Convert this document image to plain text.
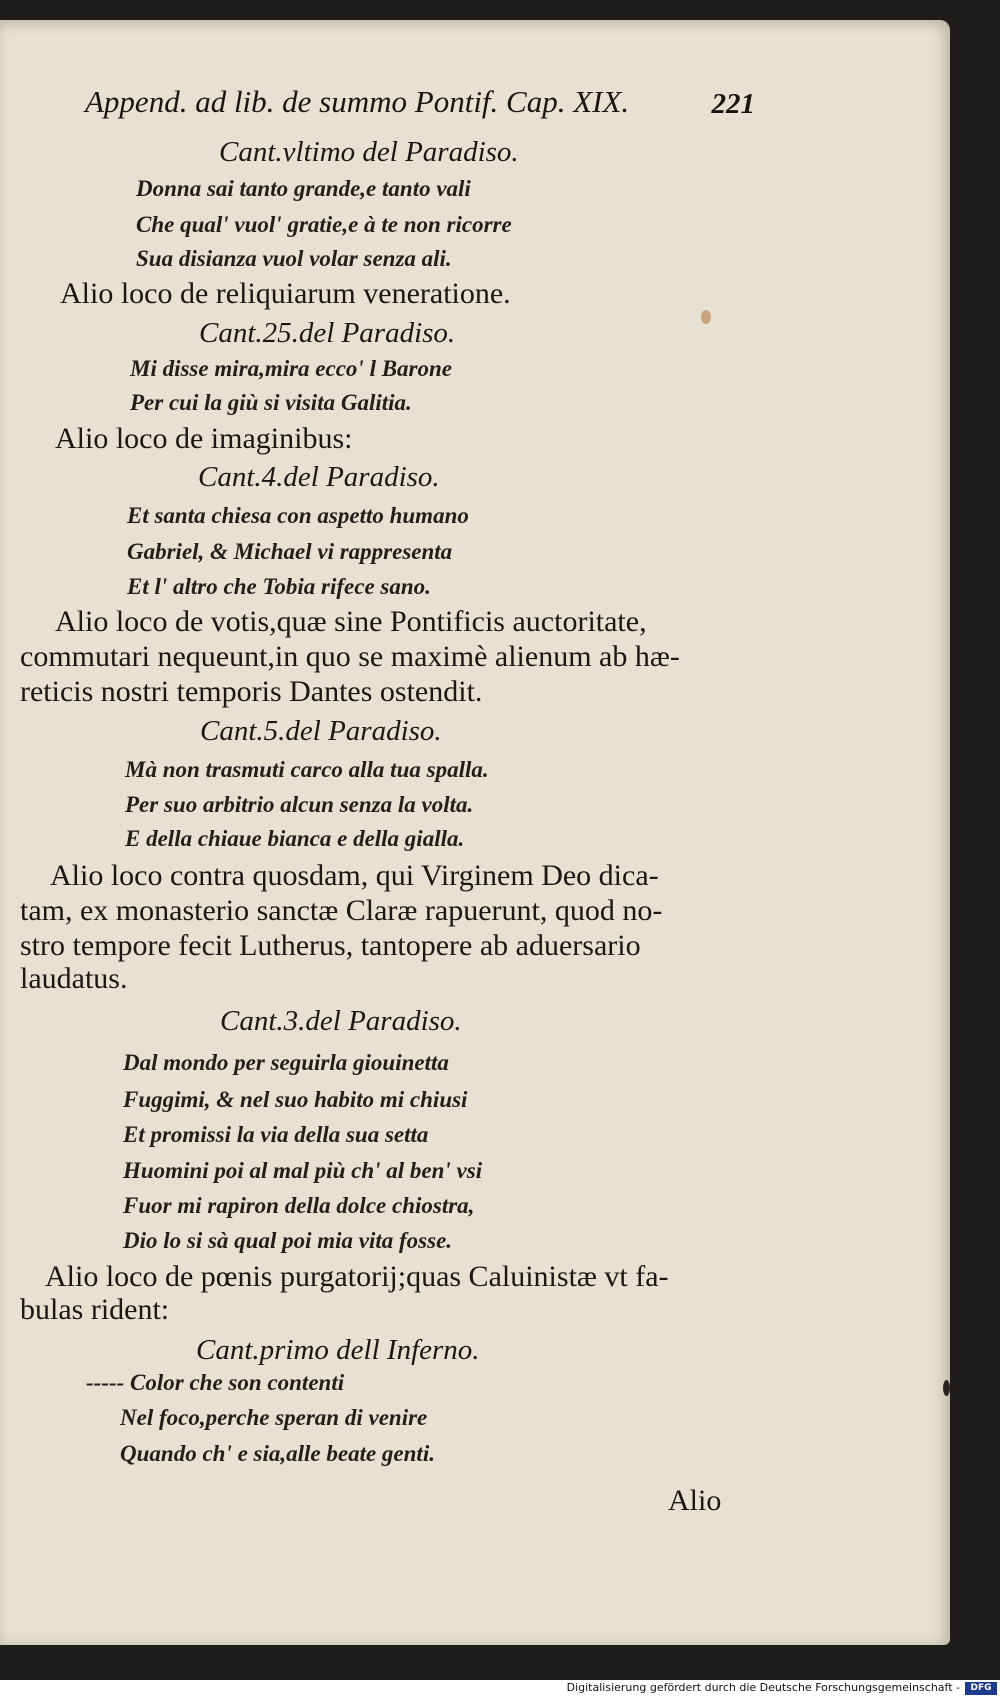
Append. ad lib. de summo Pontif. Cap. XIX.	221
Cant.vltimo del Paradiso.
Donna sai tanto grande,e tanto vali
Che qual' vuol' gratie,e à te non ricorre
Sua disianza vuol volar senza ali.
Alio loco de reliquiarum veneratione.
Cant.25.del Paradiso.
Mi disse mira,mira ecco' l Barone
Per cui la giù si visita Galitia.
Alio loco de imaginibus:
Cant.4.del Paradiso.
Et santa chiesa con aspetto humano
Gabriel, & Michael vi rappresenta
Et l' altro che Tobia rifece sano.
Alio loco de votis,quæ sine Pontificis auctoritate,
commutari nequeunt,in quo se maximè alienum ab hæ-
reticis nostri temporis Dantes ostendit.
Cant.5.del Paradiso.
Mà non trasmuti carco alla tua spalla.
Per suo arbitrio alcun senza la volta.
E della chiaue bianca e della gialla.
Alio loco contra quosdam, qui Virginem Deo dica-
tam, ex monasterio sanctæ Claræ rapuerunt, quod no-
stro tempore fecit Lutherus, tantopere ab aduersario
laudatus.
Cant.3.del Paradiso.
Dal mondo per seguirla giouinetta
Fuggimi, & nel suo habito mi chiusi
Et promissi la via della sua setta
Huomini poi al mal più ch' al ben' vsi
Fuor mi rapiron della dolce chiostra,
Dio lo si sà qual poi mia vita fosse.
Alio loco de pœnis purgatorij;quas Caluinistæ vt fa-
bulas rident:
Cant.primo dell Inferno.
----- Color che son contenti
Nel foco,perche speran di venire
Quando ch' e sia,alle beate genti.
Alio
Digitalisierung gefördert durch die Deutsche Forschungsgemeinschaft -	DFG
